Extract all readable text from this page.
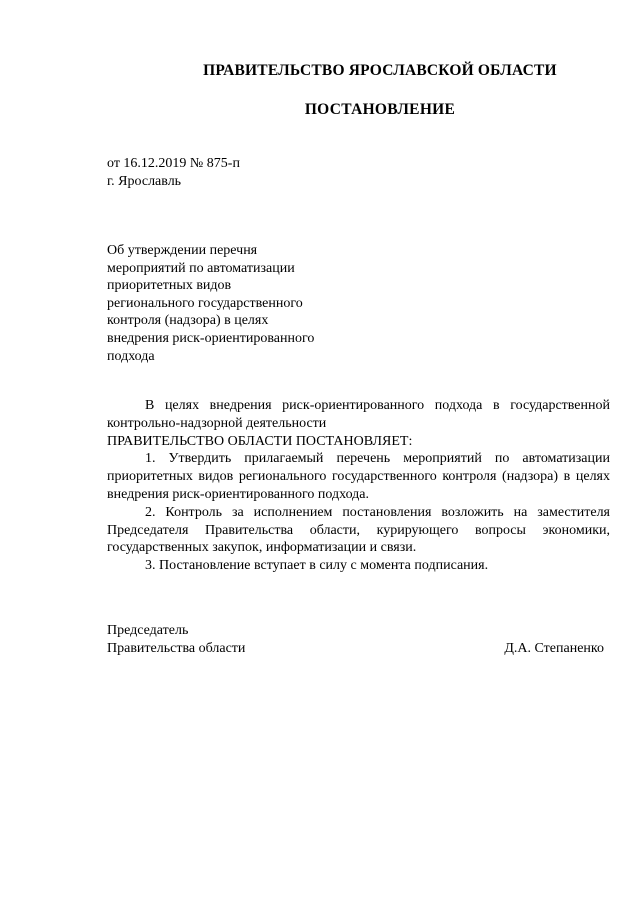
ПРАВИТЕЛЬСТВО ЯРОСЛАВСКОЙ ОБЛАСТИ
ПОСТАНОВЛЕНИЕ
от 16.12.2019 № 875-п
г. Ярославль
Об утверждении перечня
мероприятий по автоматизации
приоритетных видов
регионального государственного
контроля (надзора) в целях
внедрения риск-ориентированного
подхода

В целях внедрения риск-ориентированного подхода в государственной контрольно-надзорной деятельности

ПРАВИТЕЛЬСТВО ОБЛАСТИ ПОСТАНОВЛЯЕТ:

1. Утвердить прилагаемый перечень мероприятий по автоматизации приоритетных видов регионального государственного контроля (надзора) в целях внедрения риск-ориентированного подхода.

2. Контроль за исполнением постановления возложить на заместителя Председателя Правительства области, курирующего вопросы экономики, государственных закупок, информатизации и связи.

3. Постановление вступает в силу с момента подписания.

Председатель
Правительства области	Д.А. Степаненко
